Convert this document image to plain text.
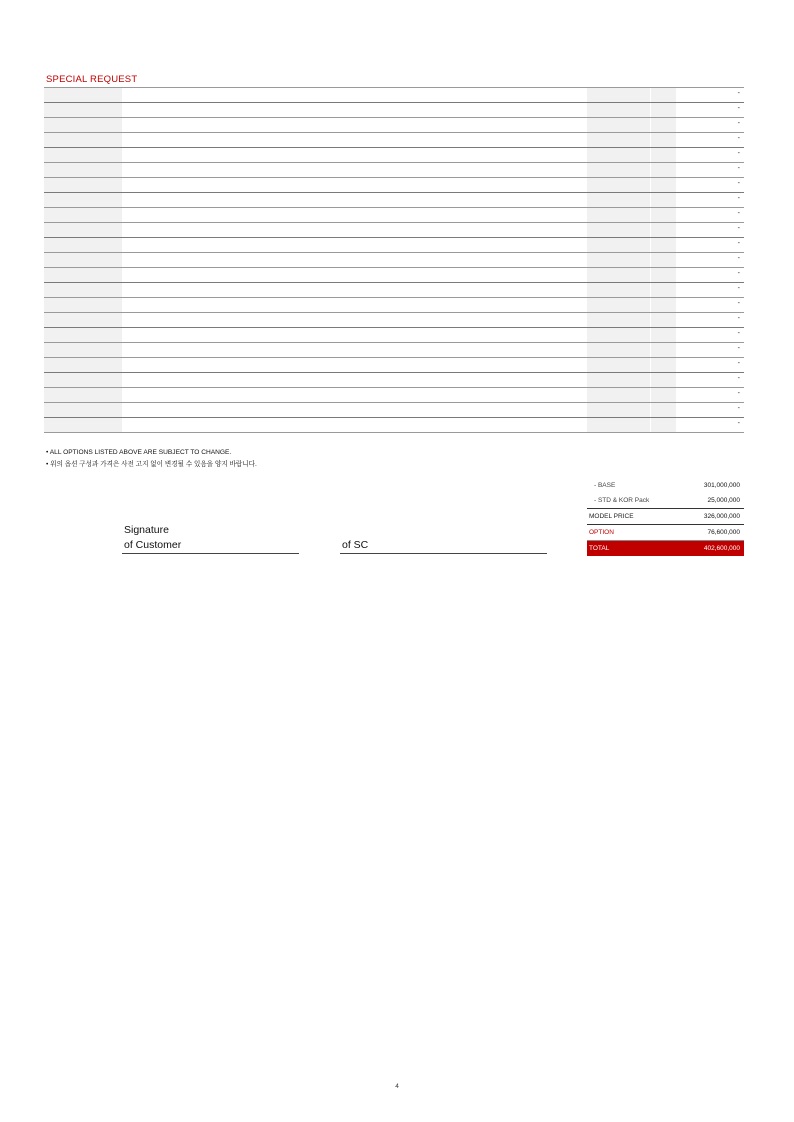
SPECIAL REQUEST
-
-
-
-
-
-
-
-
-
-
-
-
-
-
-
-
-
-
-
-
-
-
-
• ALL OPTIONS LISTED ABOVE ARE SUBJECT TO CHANGE.
• 위의 옵션 구성과 가격은 사전 고지 없이 변경될 수 있음을 양지 바랍니다.
Signature
of Customer
	of SC
- BASE	301,000,000
- STD & KOR Pack	25,000,000
MODEL PRICE	326,000,000
OPTION	76,600,000
TOTAL	402,600,000
4
